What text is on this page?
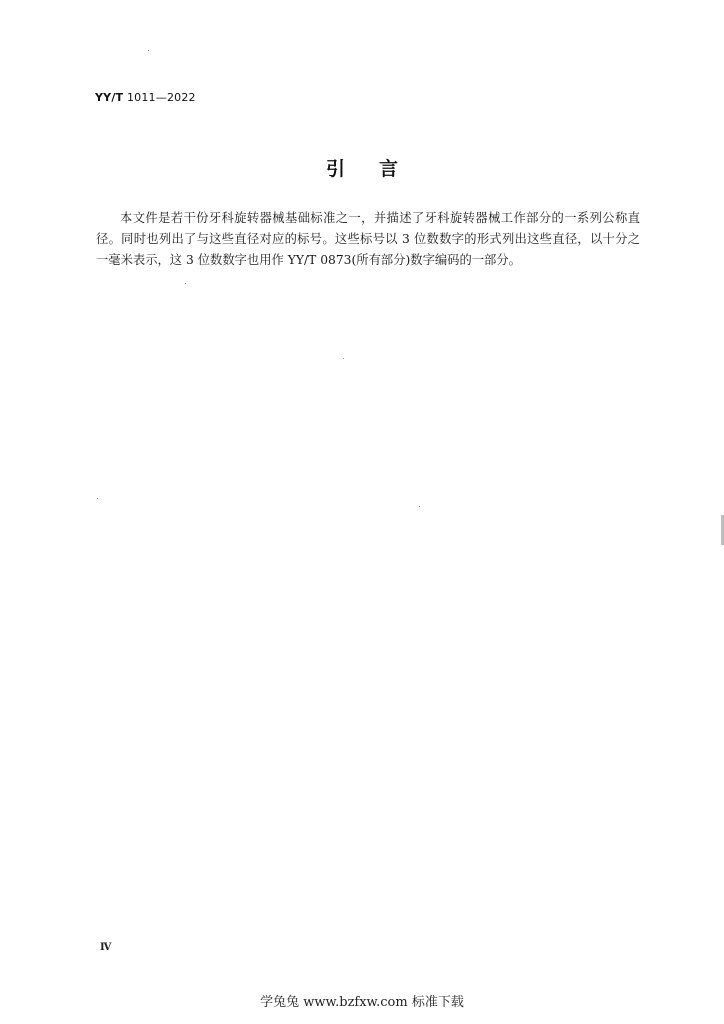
YY/T 1011—2022
引言

本文件是若干份牙科旋转器械基础标准之一，并描述了牙科旋转器械工作部分的一系列公称直径。同时也列出了与这些直径对应的标号。这些标号以 3 位数数字的形式列出这些直径，以十分之一毫米表示，这 3 位数数字也用作 YY/T 0873(所有部分)数字编码的一部分。

Ⅳ
学兔兔 www.bzfxw.com 标准下载
